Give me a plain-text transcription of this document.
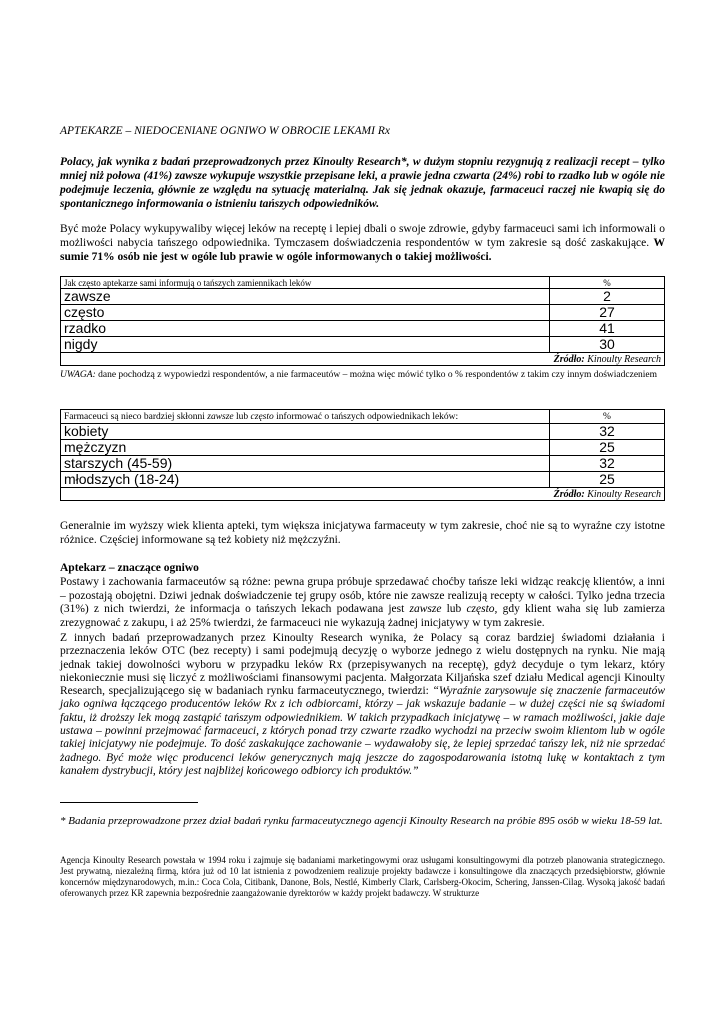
APTEKARZE – NIEDOCENIANE OGNIWO W OBROCIE LEKAMI Rx
Polacy, jak wynika z badań przeprowadzonych przez Kinoulty Research*, w dużym stopniu rezygnują z realizacji recept – tylko mniej niż połowa (41%) zawsze wykupuje wszystkie przepisane leki, a prawie jedna czwarta (24%) robi to rzadko lub w ogóle nie podejmuje leczenia, głównie ze względu na sytuację materialną. Jak się jednak okazuje, farmaceuci raczej nie kwapią się do spontanicznego informowania o istnieniu tańszych odpowiedników.
Być może Polacy wykupywaliby więcej leków na receptę i lepiej dbali o swoje zdrowie, gdyby farmaceuci sami ich informowali o możliwości nabycia tańszego odpowiednika. Tymczasem doświadczenia respondentów w tym zakresie są dość zaskakujące. W sumie 71% osób nie jest w ogóle lub prawie w ogóle informowanych o takiej możliwości.
Jak często aptekarze sami informują o tańszych zamiennikach leków	%
zawsze	2
często	27
rzadko	41
nigdy	30
Źródło: Kinoulty Research	
UWAGA: dane pochodzą z wypowiedzi respondentów, a nie farmaceutów – można więc mówić tylko o % respondentów z takim czy innym doświadczeniem
Farmaceuci są nieco bardziej skłonni zawsze lub często informować o tańszych odpowiednikach leków:	%
kobiety	32
mężczyzn	25
starszych (45-59)	32
młodszych (18-24)	25
Źródło: Kinoulty Research	
Generalnie im wyższy wiek klienta apteki, tym większa inicjatywa farmaceuty w tym zakresie, choć nie są to wyraźne czy istotne różnice. Częściej informowane są też kobiety niż mężczyźni.
Aptekarz – znaczące ogniwo
Postawy i zachowania farmaceutów są różne: pewna grupa próbuje sprzedawać choćby tańsze leki widząc reakcję klientów, a inni – pozostają obojętni. Dziwi jednak doświadczenie tej grupy osób, które nie zawsze realizują recepty w całości. Tylko jedna trzecia (31%) z nich twierdzi, że informacja o tańszych lekach podawana jest zawsze lub często, gdy klient waha się lub zamierza zrezygnować z zakupu, i aż 25% twierdzi, że farmaceuci nie wykazują żadnej inicjatywy w tym zakresie.
Z innych badań przeprowadzanych przez Kinoulty Research wynika, że Polacy są coraz bardziej świadomi działania i przeznaczenia leków OTC (bez recepty) i sami podejmują decyzję o wyborze jednego z wielu dostępnych na rynku. Nie mają jednak takiej dowolności wyboru w przypadku leków Rx (przepisywanych na receptę), gdyż decyduje o tym lekarz, który niekoniecznie musi się liczyć z możliwościami finansowymi pacjenta. Małgorzata Kiljańska szef działu Medical agencji Kinoulty Research, specjalizującego się w badaniach rynku farmaceutycznego, twierdzi: “Wyraźnie zarysowuje się znaczenie farmaceutów jako ogniwa łączącego producentów leków Rx z ich odbiorcami, którzy – jak wskazuje badanie – w dużej części nie są świadomi faktu, iż droższy lek mogą zastąpić tańszym odpowiednikiem. W takich przypadkach inicjatywę – w ramach możliwości, jakie daje ustawa – powinni przejmować farmaceuci, z których ponad trzy czwarte rzadko wychodzi na przeciw swoim klientom lub w ogóle takiej inicjatywy nie podejmuje. To dość zaskakujące zachowanie – wydawałoby się, że lepiej sprzedać tańszy lek, niż nie sprzedać żadnego. Być może więc producenci leków generycznych mają jeszcze do zagospodarowania istotną lukę w kontaktach z tym kanałem dystrybucji, który jest najbliżej końcowego odbiorcy ich produktów.”
* Badania przeprowadzone przez dział badań rynku farmaceutycznego agencji Kinoulty Research na próbie 895 osób w wieku 18-59 lat.
Agencja Kinoulty Research powstała w 1994 roku i zajmuje się badaniami marketingowymi oraz usługami konsultingowymi dla potrzeb planowania strategicznego. Jest prywatną, niezależną firmą, która już od 10 lat istnienia z powodzeniem realizuje projekty badawcze i konsultingowe dla znaczących przedsiębiorstw, głównie koncernów międzynarodowych, m.in.: Coca Cola, Citibank, Danone, Bols, Nestlé, Kimberly Clark, Carlsberg-Okocim, Schering, Janssen-Cilag. Wysoką jakość badań oferowanych przez KR zapewnia bezpośrednie zaangażowanie dyrektorów w każdy projekt badawczy. W strukturze
